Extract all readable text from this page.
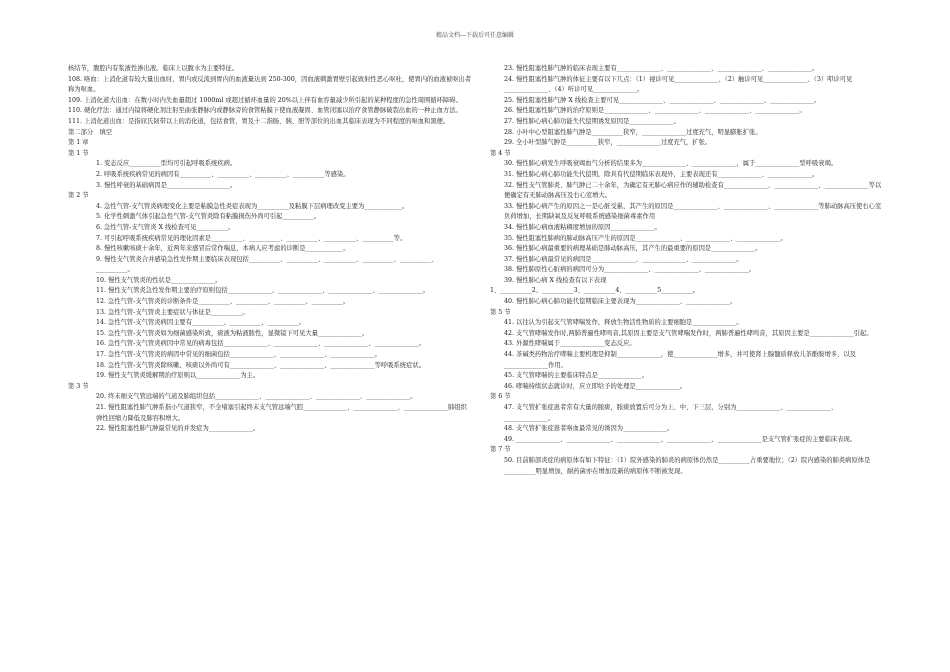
精品文档---下载后可任意编辑
核结节，腹腔内有浆液性渗出液。临床上以腹水为主要特征。
108. 咯血：上消化道有较大量出血时，胃内或反流到胃内的血液量达到 250-300，因血液刺激胃壁引起致射性恶心呕吐，使胃内的血液被呕出者称为呕血。
109. 上消化道大出血：在数小时内失血量超过 1000ml 或超过循环血量的 20%以上伴有血容量减少所引起的某种程度的急性周围循环障碍。
110. 硬化疗法：通过内镜将硬化剂注射至曲张静脉内或静脉旁的食管粘膜下使血液凝固、血管闭塞以治疗食管静脉破裂出血的一种止血方法。
111. 上消化道出血：是指屈氏韧带以上的消化道，包括食管、胃及十二指肠、胰、胆等部位的出血其临床表现为不同程度的呕血和黑便。
第二部分　填空
第 1 章
第 1 节
1. 变态反应__________型均可引起呼吸系统疾病。
2. 呼吸系统疾病常见的病因有__________、__________、__________、__________等感染。
3. 慢性呼衰的基础病因是____________________。
第 2 节
4. 急性气管-支气管炎病理变化主要是粘膜急性炎症表现为__________及粘膜下层病理改变主要为____________。
5. 化学性刺激气体引起急性气管-支气管炎除有粘膜损伤外尚可引起__________。
6. 急性气管-支气管炎 X 线检查可见__________。
7. 可引起呼吸系统疾病常见的理化因素是__________、__________、__________、__________、__________等。
8. 慢性咳嗽咳痰十余年，近两年来感冒后常作喘息，本病人应考虑的诊断是____________。
9. 慢性支气管炎合并感染急性发作期主要临床表现包括__________、__________、__________、__________、__________、__________。
10. 慢性支气管炎的性状是______________。
11. 慢性支气管炎急性发作期主要治疗原则包括______________、______________、______________、______________。
12. 急性气管-支气管炎的诊断条件是__________、__________、__________、__________。
13. 急性气管-支气管炎主要症状与体征是__________。
14. 急性气管-支气管炎病因主要有__________、__________、__________。
15. 急性气管-支气管炎如为细菌感染所致，痰液为粘液脓性，显微镜下可见大量______________。
16. 急性气管-支气管炎病因中常见的病毒包括______________、______________、______________、______________。
17. 急性气管-支气管炎的病因中常见的细菌包括______________、______________、______________。
18. 急性气管-支气管炎除咳嗽、咳痰以外尚可有______________、______________、______________等呼吸系统症状。
19. 慢性支气管炎缓解期治疗原则以______________为主。
第 3 节
20. 终末细支气管远端的气道及肺组织包括______________、______________、______________、______________。
21. 慢性阻塞性肺气肿系指小气道狭窄，不全堵塞引起终末支气管远端气腔______________、______________、______________肺组织弹性回缩力降低及肺容积增大。
22. 慢性阻塞性肺气肿最常见的并发症为______________。
23. 慢性阻塞性肺气肿的临床表现主要有______________、______________、______________、______________。
24. 慢性阻塞性肺气肿的体征主要有以下几点：（1）视诊可见______________、（2）触诊可见______________、（3）叩诊可见______________、（4）听诊可见______________。
25. 慢性阻塞性肺气肿 X 线检查主要可见______________、______________、______________、______________。
26. 慢性阻塞性肺气肿的治疗原则是______________、______________、______________、______________。
27. 慢性肺心病心肺功能失代偿期诱发原因是______________。
28. 小叶中心型阻塞性肺气肿是__________狭窄，______________过度充气，明显膨胀扩张。
29. 全小叶型肺气肿是__________狭窄，______________过度充气，扩张。
第 4 节
30. 慢性肺心病发生呼吸衰竭血气分析的结果多为______________、______________，属于______________型呼吸衰竭。
31. 慢性肺心病心肺功能失代偿期，除具有代偿期临床表现外，主要表现还有______________、______________。
32. 慢性支气管肺炎、肺气肿已二十余年，为确定有无肺心病应作的辅助检查有______________、______________、______________等以便确定有无肺动脉高压及右心室增大。
33. 慢性肺心病产生的原因之一是心脏受累，其产生的原因是______________、______________、______________等肺动脉高压使右心室负荷增加，长期缺氧及反复呼吸系统感染细菌毒素作用
34. 慢性肺心病血液粘稠度增加的原因______________。
35. 慢性阻塞性肺病的肺动脉高压产生的原因是______________、______________、______________。
36. 慢性肺心病最重要的病理基础是肺动脉高压，其产生的最重要的原因是______________。
37. 慢性肺心病最常见的病因是______________、______________、______________。
38. 慢性肺原性心脏病的病因可分为______________、______________、______________。
39. 慢性肺心病 X 线检查有以下表现
1、__________2、__________3、__________4、__________5__________。
40. 慢性肺心病心肺功能代偿期临床主要表现为______________、______________。
第 5 节
41. 以往认为引起支气管哮喘发作，释放生物活性物质的主要细胞是______________。
42. 支气管哮喘发作时,两肺普遍性哮鸣音,其原因主要是支气管哮喘发作时，两肺普遍性哮鸣音，其原因主要是______________引起。
43. 外源性哮喘属于______________变态反应。
44. 茶碱类药物治疗哮喘主要机理是抑制______________，使______________增多，并可使肾上腺髓质释放儿茶酚胺增多，以及______________作用。
45. 支气管哮喘的主要临床特点是______________。
46. 哮喘持续状态就诊时，应立即给予的处理是______________。
第 6 节
47. 支气管扩张症患者常有大量的脓痰，脓痰放置后可分为上、中、下三层，分别为______________、______________、______________。
48. 支气管扩张症患者咯血最常见的诱因为______________。
49. ______________、______________、______________、______________、______________是支气管扩张症的主要临床表现。
第 7 节
50. 目前肺部炎症的病原体有如下特征：（1）院外感染的肺炎的病原体仍然是__________占重要地位；（2）院内感染的肺炎病原体是__________明显增加，耐药菌亦在增加及新的病原体不断被发现。
